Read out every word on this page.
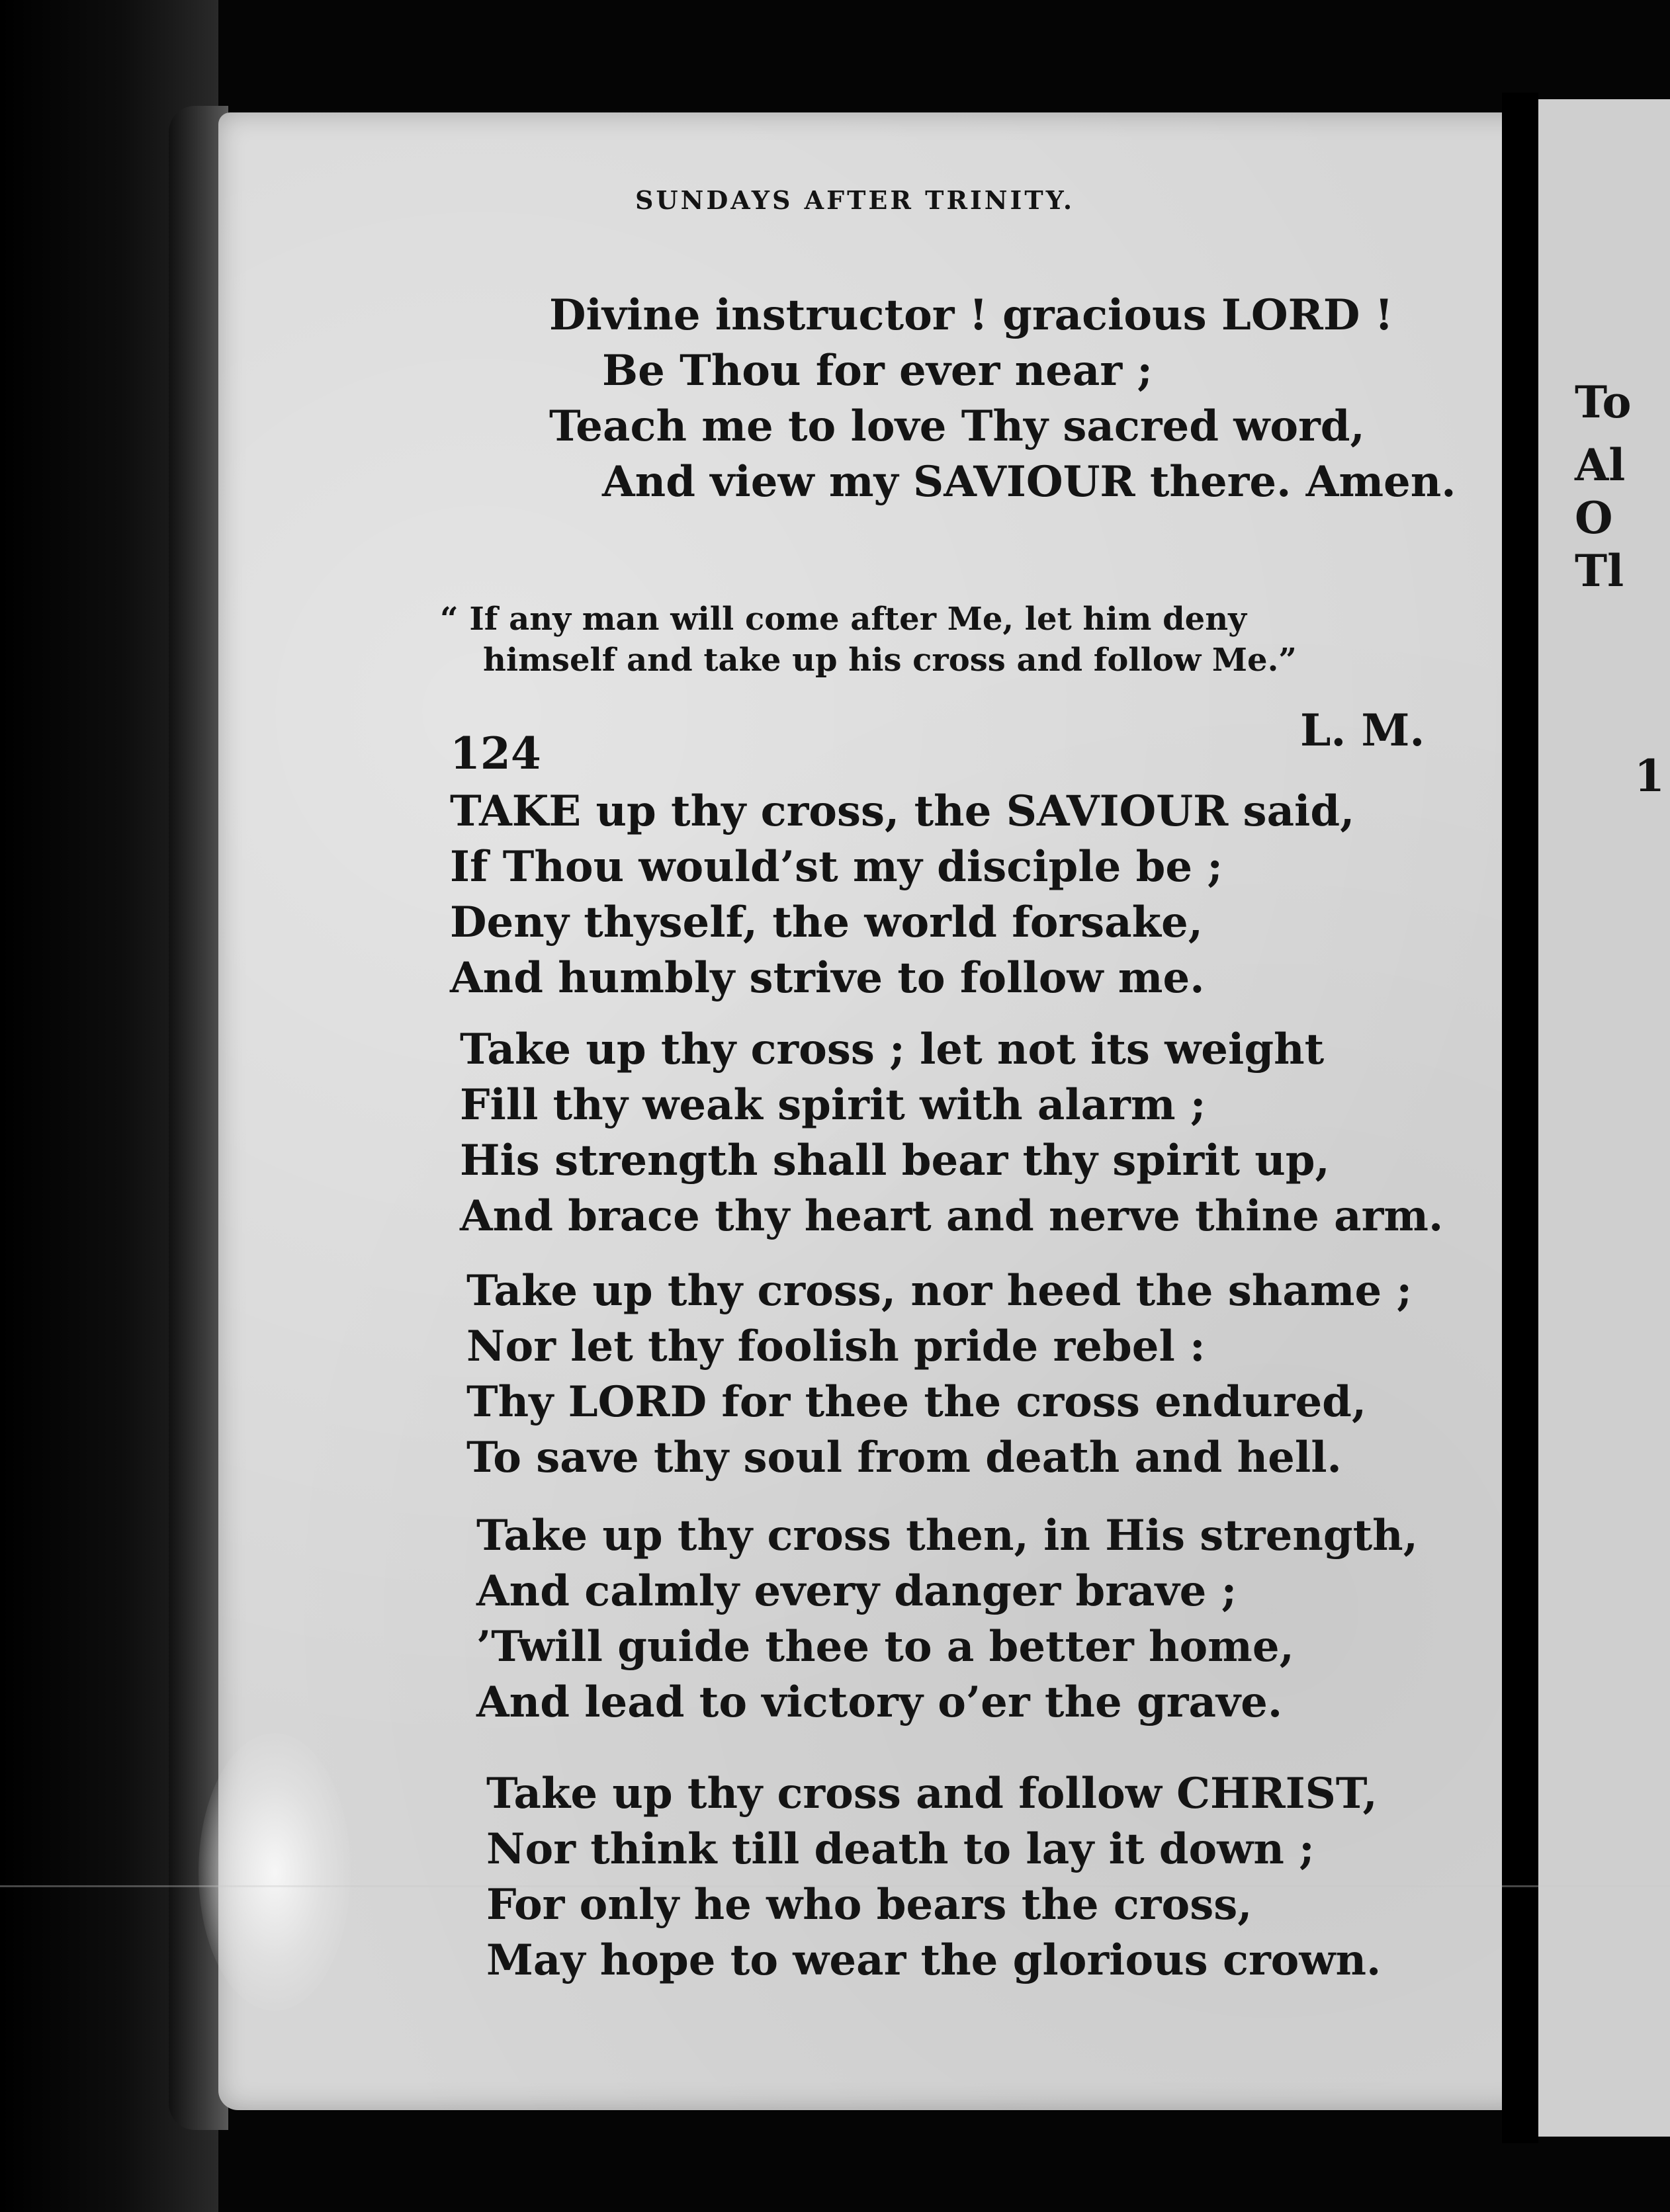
To
Al
O
Tl
1
SUNDAYS AFTER TRINITY.
Divine instructor ! gracious LORD !
Be Thou for ever near ;
Teach me to love Thy sacred word,
And view my SAVIOUR there. Amen.
“ If any man will come after Me, let him deny
himself and take up his cross and follow Me.”
124	L. M.
TAKE up thy cross, the SAVIOUR said,
If Thou would’st my disciple be ;
Deny thyself, the world forsake,
And humbly strive to follow me.
Take up thy cross ; let not its weight
Fill thy weak spirit with alarm ;
His strength shall bear thy spirit up,
And brace thy heart and nerve thine arm.
Take up thy cross, nor heed the shame ;
Nor let thy foolish pride rebel :
Thy LORD for thee the cross endured,
To save thy soul from death and hell.
Take up thy cross then, in His strength,
And calmly every danger brave ;
’Twill guide thee to a better home,
And lead to victory o’er the grave.
Take up thy cross and follow CHRIST,
Nor think till death to lay it down ;
For only he who bears the cross,
May hope to wear the glorious crown.
